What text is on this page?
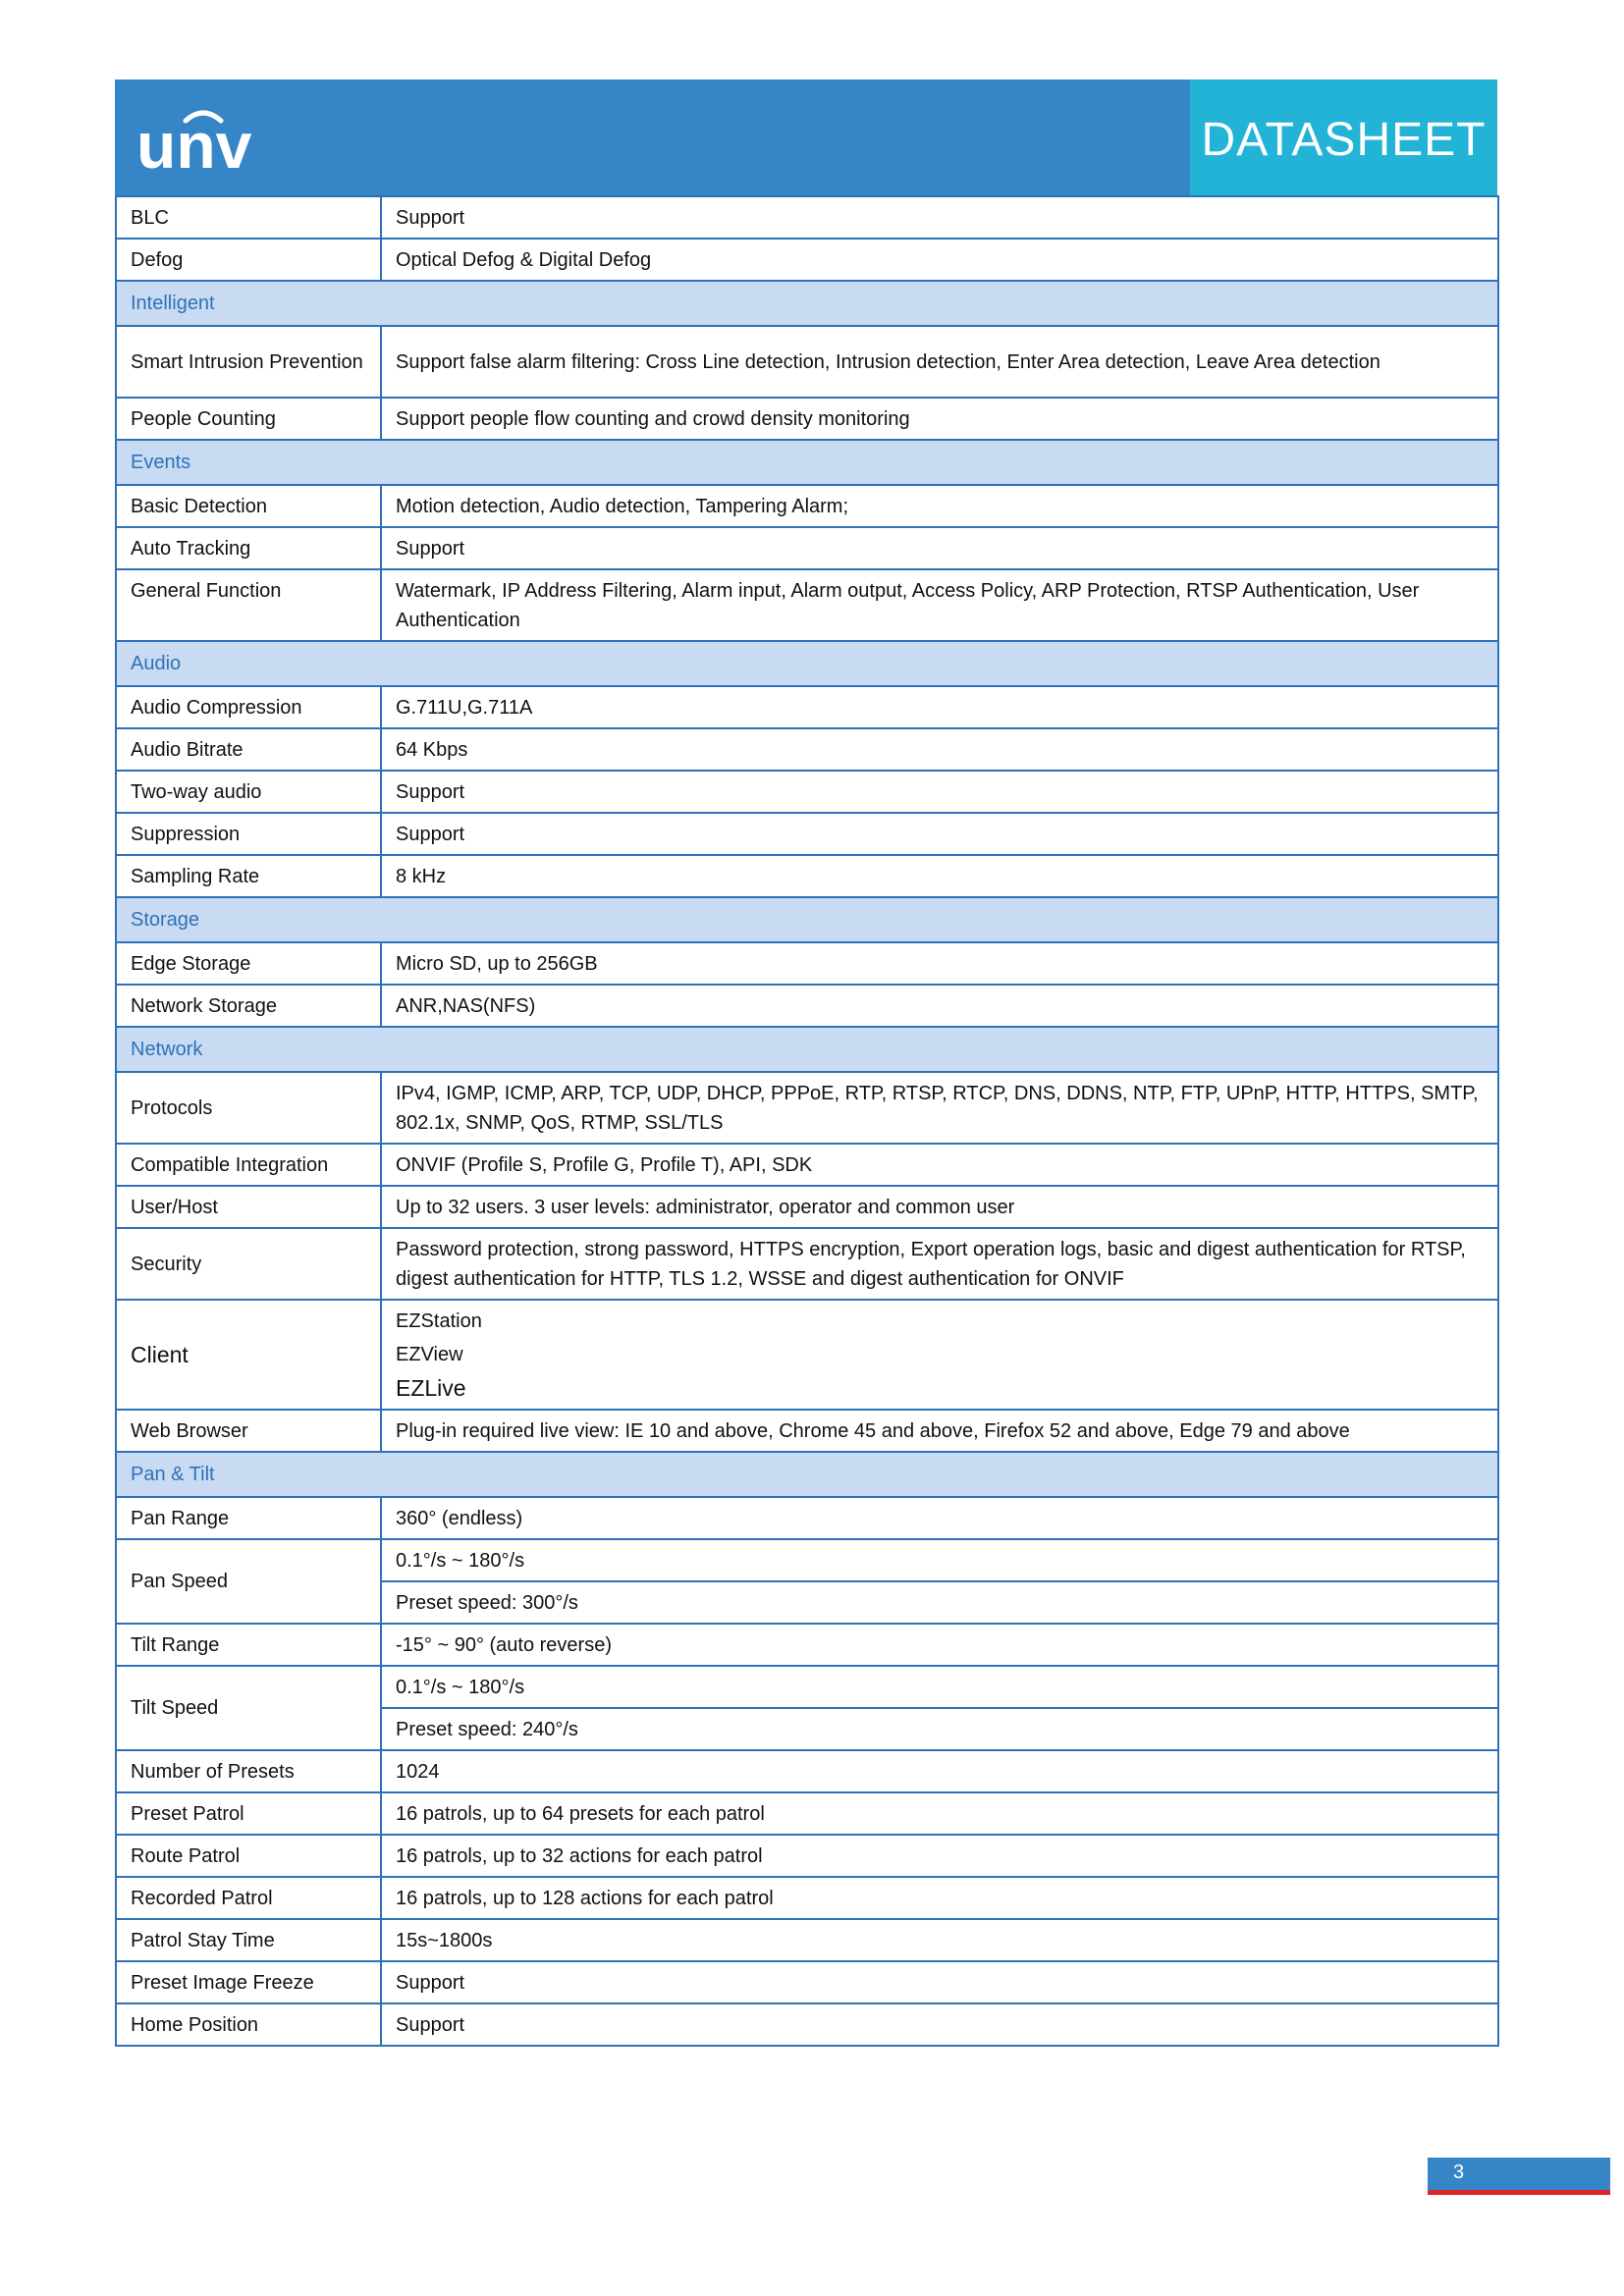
unv	DATASHEET
BLC	Support
Defog	Optical Defog & Digital Defog
Intelligent	
Smart Intrusion Prevention	Support false alarm filtering: Cross Line detection, Intrusion detection, Enter Area detection, Leave Area detection
People Counting	Support people flow counting and crowd density monitoring
Events	
Basic Detection	Motion detection, Audio detection, Tampering Alarm;
Auto Tracking	Support
General Function	Watermark, IP Address Filtering, Alarm input, Alarm output, Access Policy, ARP Protection, RTSP Authentication, User Authentication
Audio	
Audio Compression	G.711U,G.711A
Audio Bitrate	64 Kbps
Two-way audio	Support
Suppression	Support
Sampling Rate	8 kHz
Storage	
Edge Storage	Micro SD, up to 256GB
Network Storage	ANR,NAS(NFS)
Network	
Protocols	IPv4, IGMP, ICMP, ARP, TCP, UDP, DHCP, PPPoE, RTP, RTSP, RTCP, DNS, DDNS, NTP, FTP, UPnP, HTTP, HTTPS, SMTP, 802.1x, SNMP, QoS, RTMP, SSL/TLS
Compatible Integration	ONVIF (Profile S, Profile G, Profile T), API, SDK
User/Host	Up to 32 users. 3 user levels: administrator, operator and common user
Security	Password protection, strong password, HTTPS encryption, Export operation logs, basic and digest authentication for RTSP, digest authentication for HTTP, TLS 1.2, WSSE and digest authentication for ONVIF
Client	EZStation
EZView
EZLive

Web Browser	Plug-in required live view: IE 10 and above, Chrome 45 and above, Firefox 52 and above, Edge 79 and above
Pan & Tilt	
Pan Range	360° (endless)
Pan Speed	0.1°/s ~ 180°/s
	Preset speed: 300°/s
Tilt Range	-15° ~ 90° (auto reverse)
Tilt Speed	0.1°/s ~ 180°/s
	Preset speed: 240°/s
Number of Presets	1024
Preset Patrol	16 patrols, up to 64 presets for each patrol
Route Patrol	16 patrols, up to 32 actions for each patrol
Recorded Patrol	16 patrols, up to 128 actions for each patrol
Patrol Stay Time	15s~1800s
Preset Image Freeze	Support
Home Position	Support
3
